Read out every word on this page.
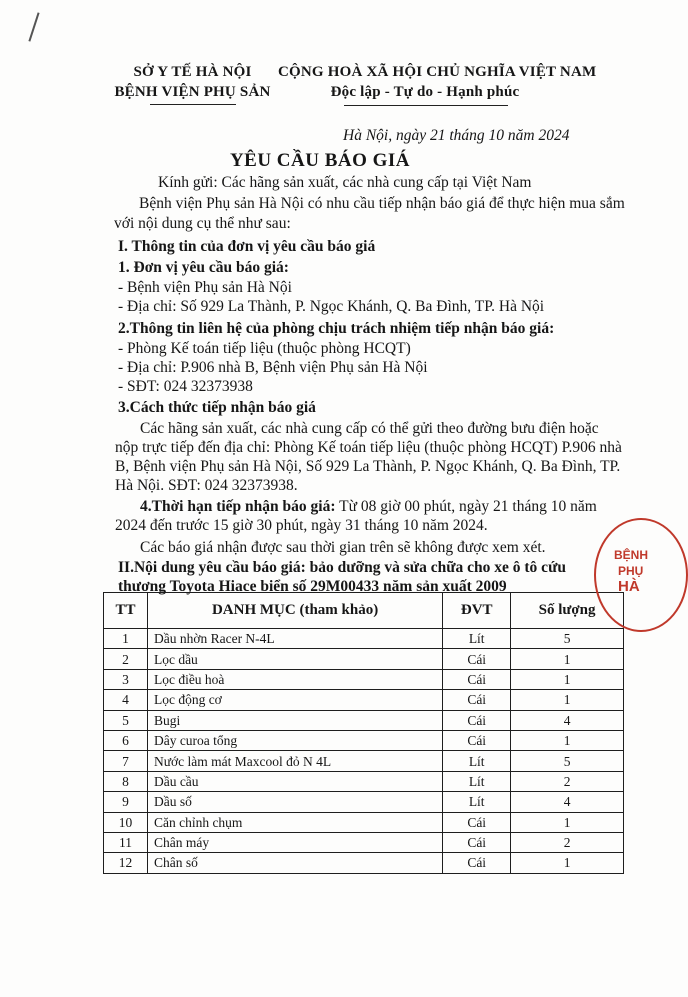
SỞ Y TẾ HÀ NỘI
BỆNH VIỆN PHỤ SẢN
CỘNG HOÀ XÃ HỘI CHỦ NGHĨA VIỆT NAM
Độc lập - Tự do - Hạnh phúc
Hà Nội, ngày 21 tháng 10 năm 2024
YÊU CẦU BÁO GIÁ
Kính gửi: Các hãng sản xuất, các nhà cung cấp tại Việt Nam
Bệnh viện Phụ sản Hà Nội có nhu cầu tiếp nhận báo giá để thực hiện mua sắm
với nội dung cụ thể như sau:
I. Thông tin của đơn vị yêu cầu báo giá
1. Đơn vị yêu cầu báo giá:
- Bệnh viện Phụ sản Hà Nội
- Địa chỉ: Số 929 La Thành, P. Ngọc Khánh, Q. Ba Đình, TP. Hà Nội
2.Thông tin liên hệ của phòng chịu trách nhiệm tiếp nhận báo giá:
- Phòng Kế toán tiếp liệu (thuộc phòng HCQT)
- Địa chỉ: P.906 nhà B, Bệnh viện Phụ sản Hà Nội
- SĐT: 024 32373938
3.Cách thức tiếp nhận báo giá
Các hãng sản xuất, các nhà cung cấp có thể gửi theo đường bưu điện hoặc
nộp trực tiếp đến địa chỉ: Phòng Kế toán tiếp liệu (thuộc phòng HCQT) P.906 nhà
B, Bệnh viện Phụ sản Hà Nội, Số 929 La Thành, P. Ngọc Khánh, Q. Ba Đình, TP.
Hà Nội. SĐT: 024 32373938.
4.Thời hạn tiếp nhận báo giá: Từ 08 giờ 00 phút, ngày 21 tháng 10 năm
2024 đến trước 15 giờ 30 phút, ngày 31 tháng 10 năm 2024.
Các báo giá nhận được sau thời gian trên sẽ không được xem xét.
II.Nội dung yêu cầu báo giá: bảo dưỡng và sửa chữa cho xe ô tô cứu
thương Toyota Hiace biển số 29M00433 năm sản xuất 2009
TT	DANH MỤC (tham khảo)	ĐVT	Số lượng
1	Dầu nhờn Racer N-4L	Lít	5
2	Lọc dầu	Cái	1
3	Lọc điều hoà	Cái	1
4	Lọc động cơ	Cái	1
5	Bugi	Cái	4
6	Dây curoa tổng	Cái	1
7	Nước làm mát Maxcool đỏ N 4L	Lít	5
8	Dầu cầu	Lít	2
9	Dầu số	Lít	4
10	Căn chỉnh chụm	Cái	1
11	Chân máy	Cái	2
12	Chân số	Cái	1
BỆNH
PHỤ
HÀ
